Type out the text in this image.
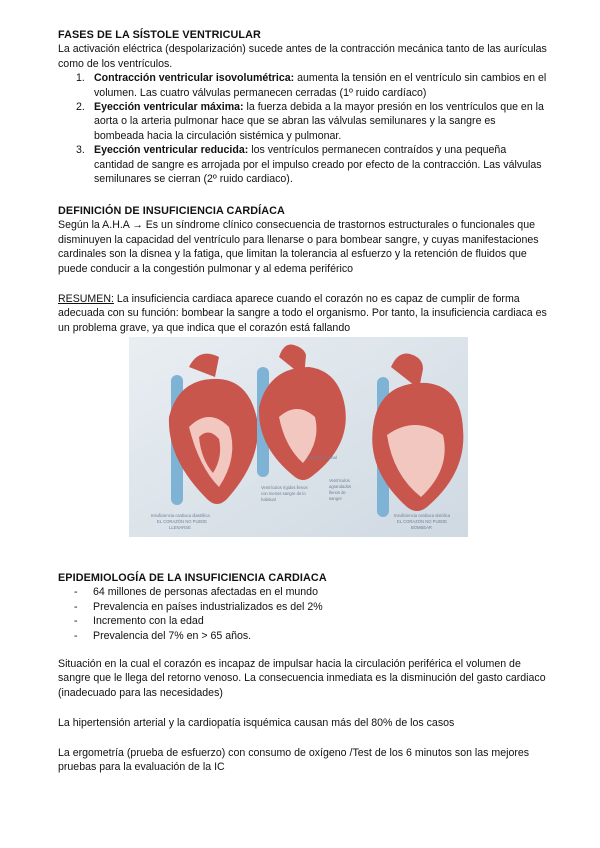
FASES DE LA SÍSTOLE VENTRICULAR

La activación eléctrica (despolarización) sucede antes de la contracción mecánica tanto de las aurículas como de los ventrículos.

1. Contracción ventricular isovolumétrica: aumenta la tensión en el ventrículo sin cambios en el volumen. Las cuatro válvulas permanecen cerradas (1º ruido cardíaco)
2. Eyección ventricular máxima: la fuerza debida a la mayor presión en los ventrículos que en la aorta o la arteria pulmonar hace que se abran las válvulas semilunares y la sangre es bombeada hacia la circulación sistémica y pulmonar.
3. Eyección ventricular reducida: los ventrículos permanecen contraídos y una pequeña cantidad de sangre es arrojada por el impulso creado por efecto de la contracción. Las válvulas semilunares se cierran (2º ruido cardiaco).
DEFINICIÓN DE INSUFICIENCIA CARDÍACA

Según la A.H.A → Es un síndrome clínico consecuencia de trastornos estructurales o funcionales que disminuyen la capacidad del ventrículo para llenarse o para bombear sangre, y cuyas manifestaciones cardinales son la disnea y la fatiga, que limitan la tolerancia al esfuerzo y la retención de fluidos que puede conducir a la congestión pulmonar y al edema periférico

RESUMEN: La insuficiencia cardiaca aparece cuando el corazón no es capaz de cumplir de forma adecuada con su función: bombear la sangre a todo el organismo. Por tanto, la insuficiencia cardiaca es un problema grave, ya que indica que el corazón está fallando

Corazón normal
Insuficiencia cardiaca diastólica
EL CORAZÓN NO PUEDE
LLENARSE
Ventrículos rígidos llenos
con menos sangre de lo
habitual
Ventrículos
agrandados
llenos de
sangre
Insuficiencia cardiaca sistólica
EL CORAZÓN NO PUEDE
BOMBEAR
EPIDEMIOLOGÍA DE LA INSUFICIENCIA CARDIACA
- 64 millones de personas afectadas en el mundo
- Prevalencia en países industrializados es del 2%
- Incremento con la edad
- Prevalencia del 7% en > 65 años.

Situación en la cual el corazón es incapaz de impulsar hacia la circulación periférica el volumen de sangre que le llega del retorno venoso. La consecuencia inmediata es la disminución del gasto cardiaco (inadecuado para las necesidades)

La hipertensión arterial y la cardiopatía isquémica causan más del 80% de los casos

La ergometría (prueba de esfuerzo) con consumo de oxígeno /Test de los 6 minutos son las mejores pruebas para la evaluación de la IC
